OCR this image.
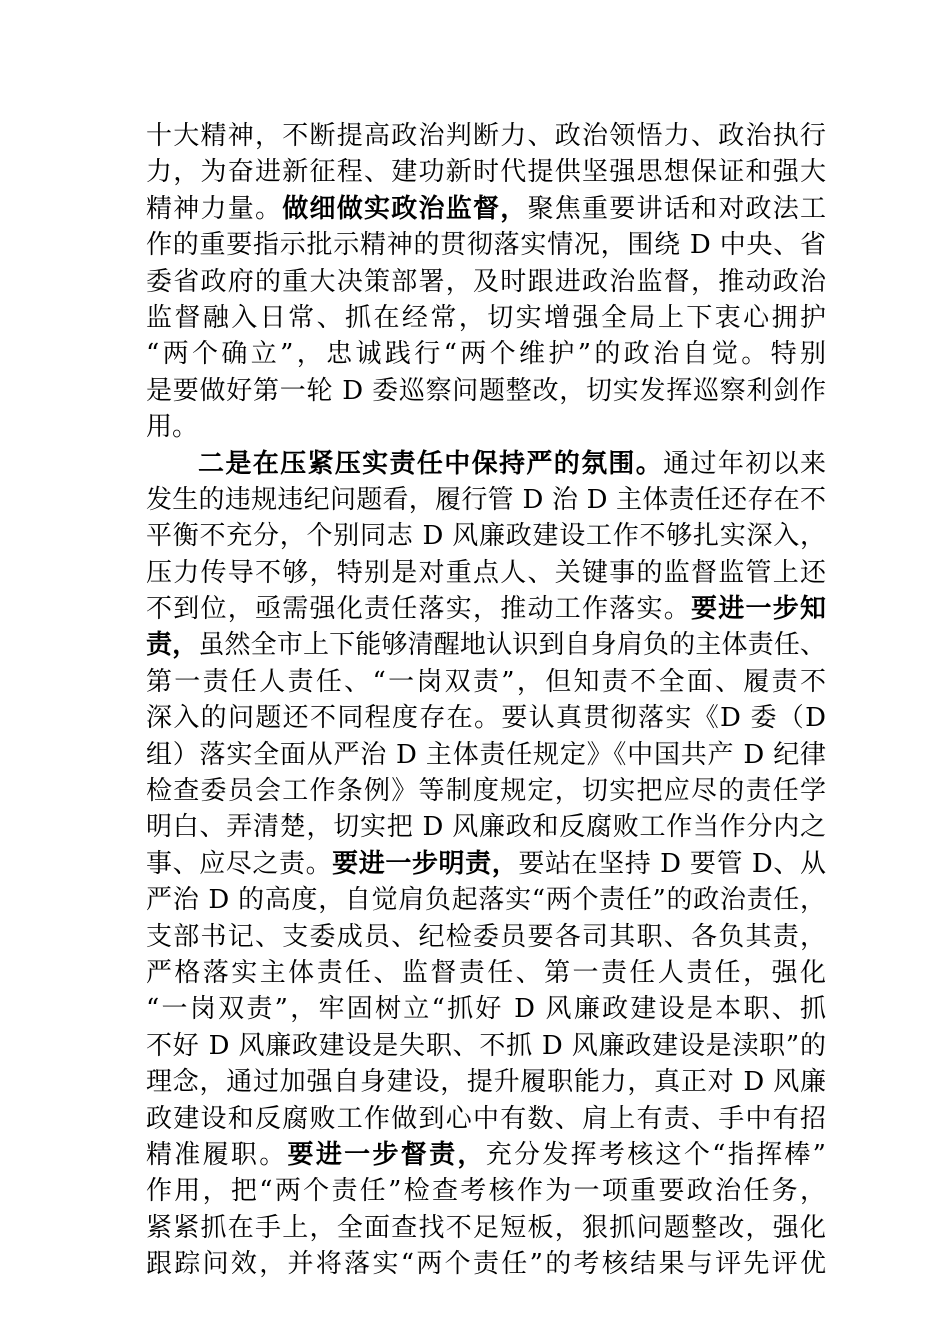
十大精神，不断提高政治判断力、政治领悟力、政治执行
力，为奋进新征程、建功新时代提供坚强思想保证和强大
精神力量。做细做实政治监督，聚焦重要讲话和对政法工
作的重要指示批示精神的贯彻落实情况，围绕 D 中央、省
委省政府的重大决策部署，及时跟进政治监督，推动政治
监督融入日常、抓在经常，切实增强全局上下衷心拥护
“两个确立”，忠诚践行“两个维护”的政治自觉。特别
是要做好第一轮 D 委巡察问题整改，切实发挥巡察利剑作
用。
二是在压紧压实责任中保持严的氛围。通过年初以来
发生的违规违纪问题看，履行管 D 治 D 主体责任还存在不
平衡不充分，个别同志 D 风廉政建设工作不够扎实深入，
压力传导不够，特别是对重点人、关键事的监督监管上还
不到位，亟需强化责任落实，推动工作落实。要进一步知
责，虽然全市上下能够清醒地认识到自身肩负的主体责任、
第一责任人责任、“一岗双责”，但知责不全面、履责不
深入的问题还不同程度存在。要认真贯彻落实《D 委（D
组）落实全面从严治 D 主体责任规定》《中国共产 D 纪律
检查委员会工作条例》等制度规定，切实把应尽的责任学
明白、弄清楚，切实把 D 风廉政和反腐败工作当作分内之
事、应尽之责。要进一步明责，要站在坚持 D 要管 D、从
严治 D 的高度，自觉肩负起落实“两个责任”的政治责任，
支部书记、支委成员、纪检委员要各司其职、各负其责，
严格落实主体责任、监督责任、第一责任人责任，强化
“一岗双责”，牢固树立“抓好 D 风廉政建设是本职、抓
不好 D 风廉政建设是失职、不抓 D 风廉政建设是渎职”的
理念，通过加强自身建设，提升履职能力，真正对 D 风廉
政建设和反腐败工作做到心中有数、肩上有责、手中有招
精准履职。要进一步督责，充分发挥考核这个“指挥棒”
作用，把“两个责任”检查考核作为一项重要政治任务，
紧紧抓在手上，全面查找不足短板，狠抓问题整改，强化
跟踪问效，并将落实“两个责任”的考核结果与评先评优
